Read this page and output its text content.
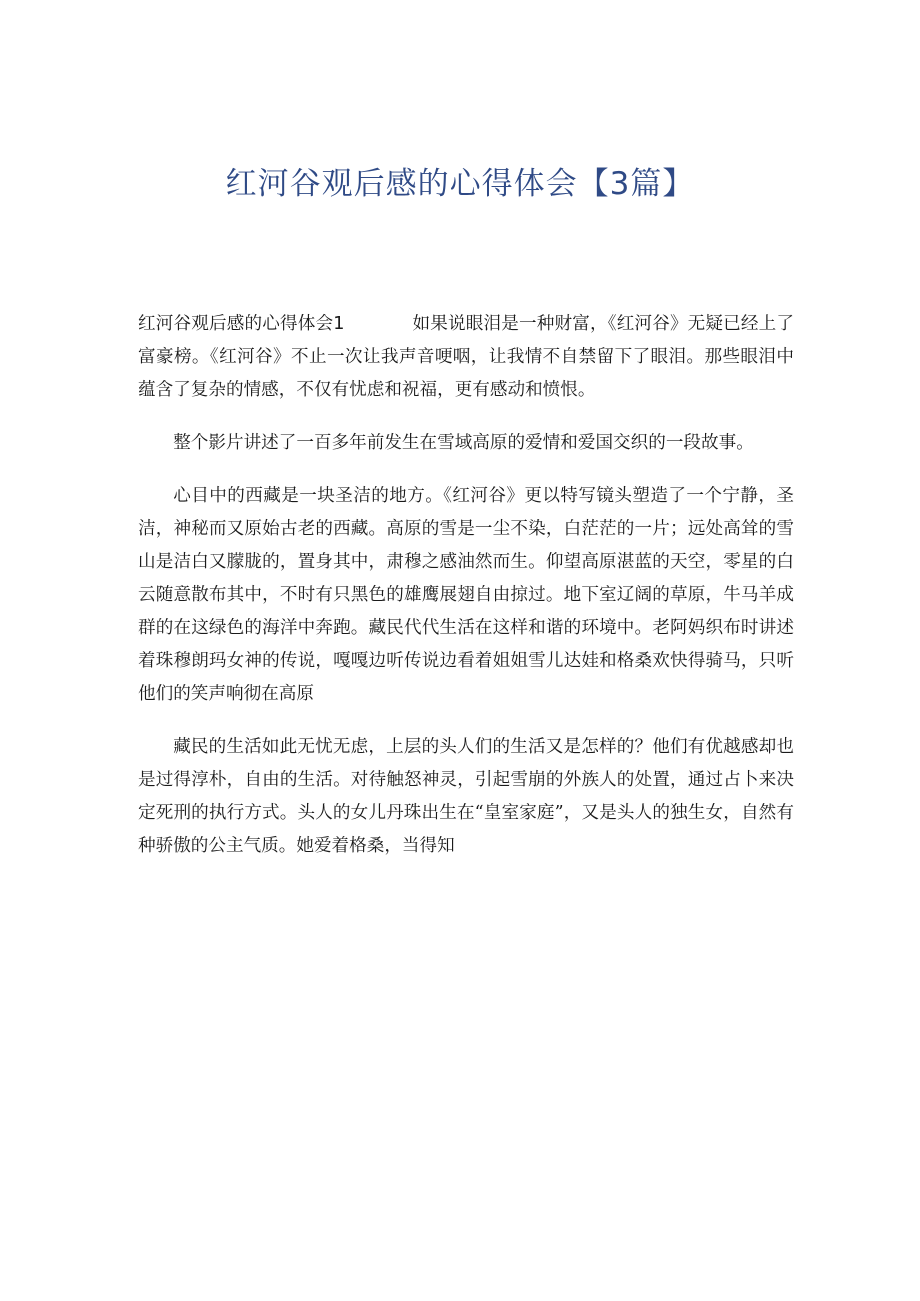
红河谷观后感的心得体会【3篇】

红河谷观后感的心得体会1	如果说眼泪是一种财富，《红河谷》无疑已经上了富豪榜。《红河谷》不止一次让我声音哽咽，让我情不自禁留下了眼泪。那些眼泪中蕴含了复杂的情感，不仅有忧虑和祝福，更有感动和愤恨。

整个影片讲述了一百多年前发生在雪域高原的爱情和爱国交织的一段故事。

心目中的西藏是一块圣洁的地方。《红河谷》更以特写镜头塑造了一个宁静，圣洁，神秘而又原始古老的西藏。高原的雪是一尘不染，白茫茫的一片；远处高耸的雪山是洁白又朦胧的，置身其中，肃穆之感油然而生。仰望高原湛蓝的天空，零星的白云随意散布其中，不时有只黑色的雄鹰展翅自由掠过。地下室辽阔的草原，牛马羊成群的在这绿色的海洋中奔跑。藏民代代生活在这样和谐的环境中。老阿妈织布时讲述着珠穆朗玛女神的传说，嘎嘎边听传说边看着姐姐雪儿达娃和格桑欢快得骑马，只听他们的笑声响彻在高原

藏民的生活如此无忧无虑，上层的头人们的生活又是怎样的？他们有优越感却也是过得淳朴，自由的生活。对待触怒神灵，引起雪崩的外族人的处置，通过占卜来决定死刑的执行方式。头人的女儿丹珠出生在“皇室家庭”，又是头人的独生女，自然有种骄傲的公主气质。她爱着格桑，当得知
